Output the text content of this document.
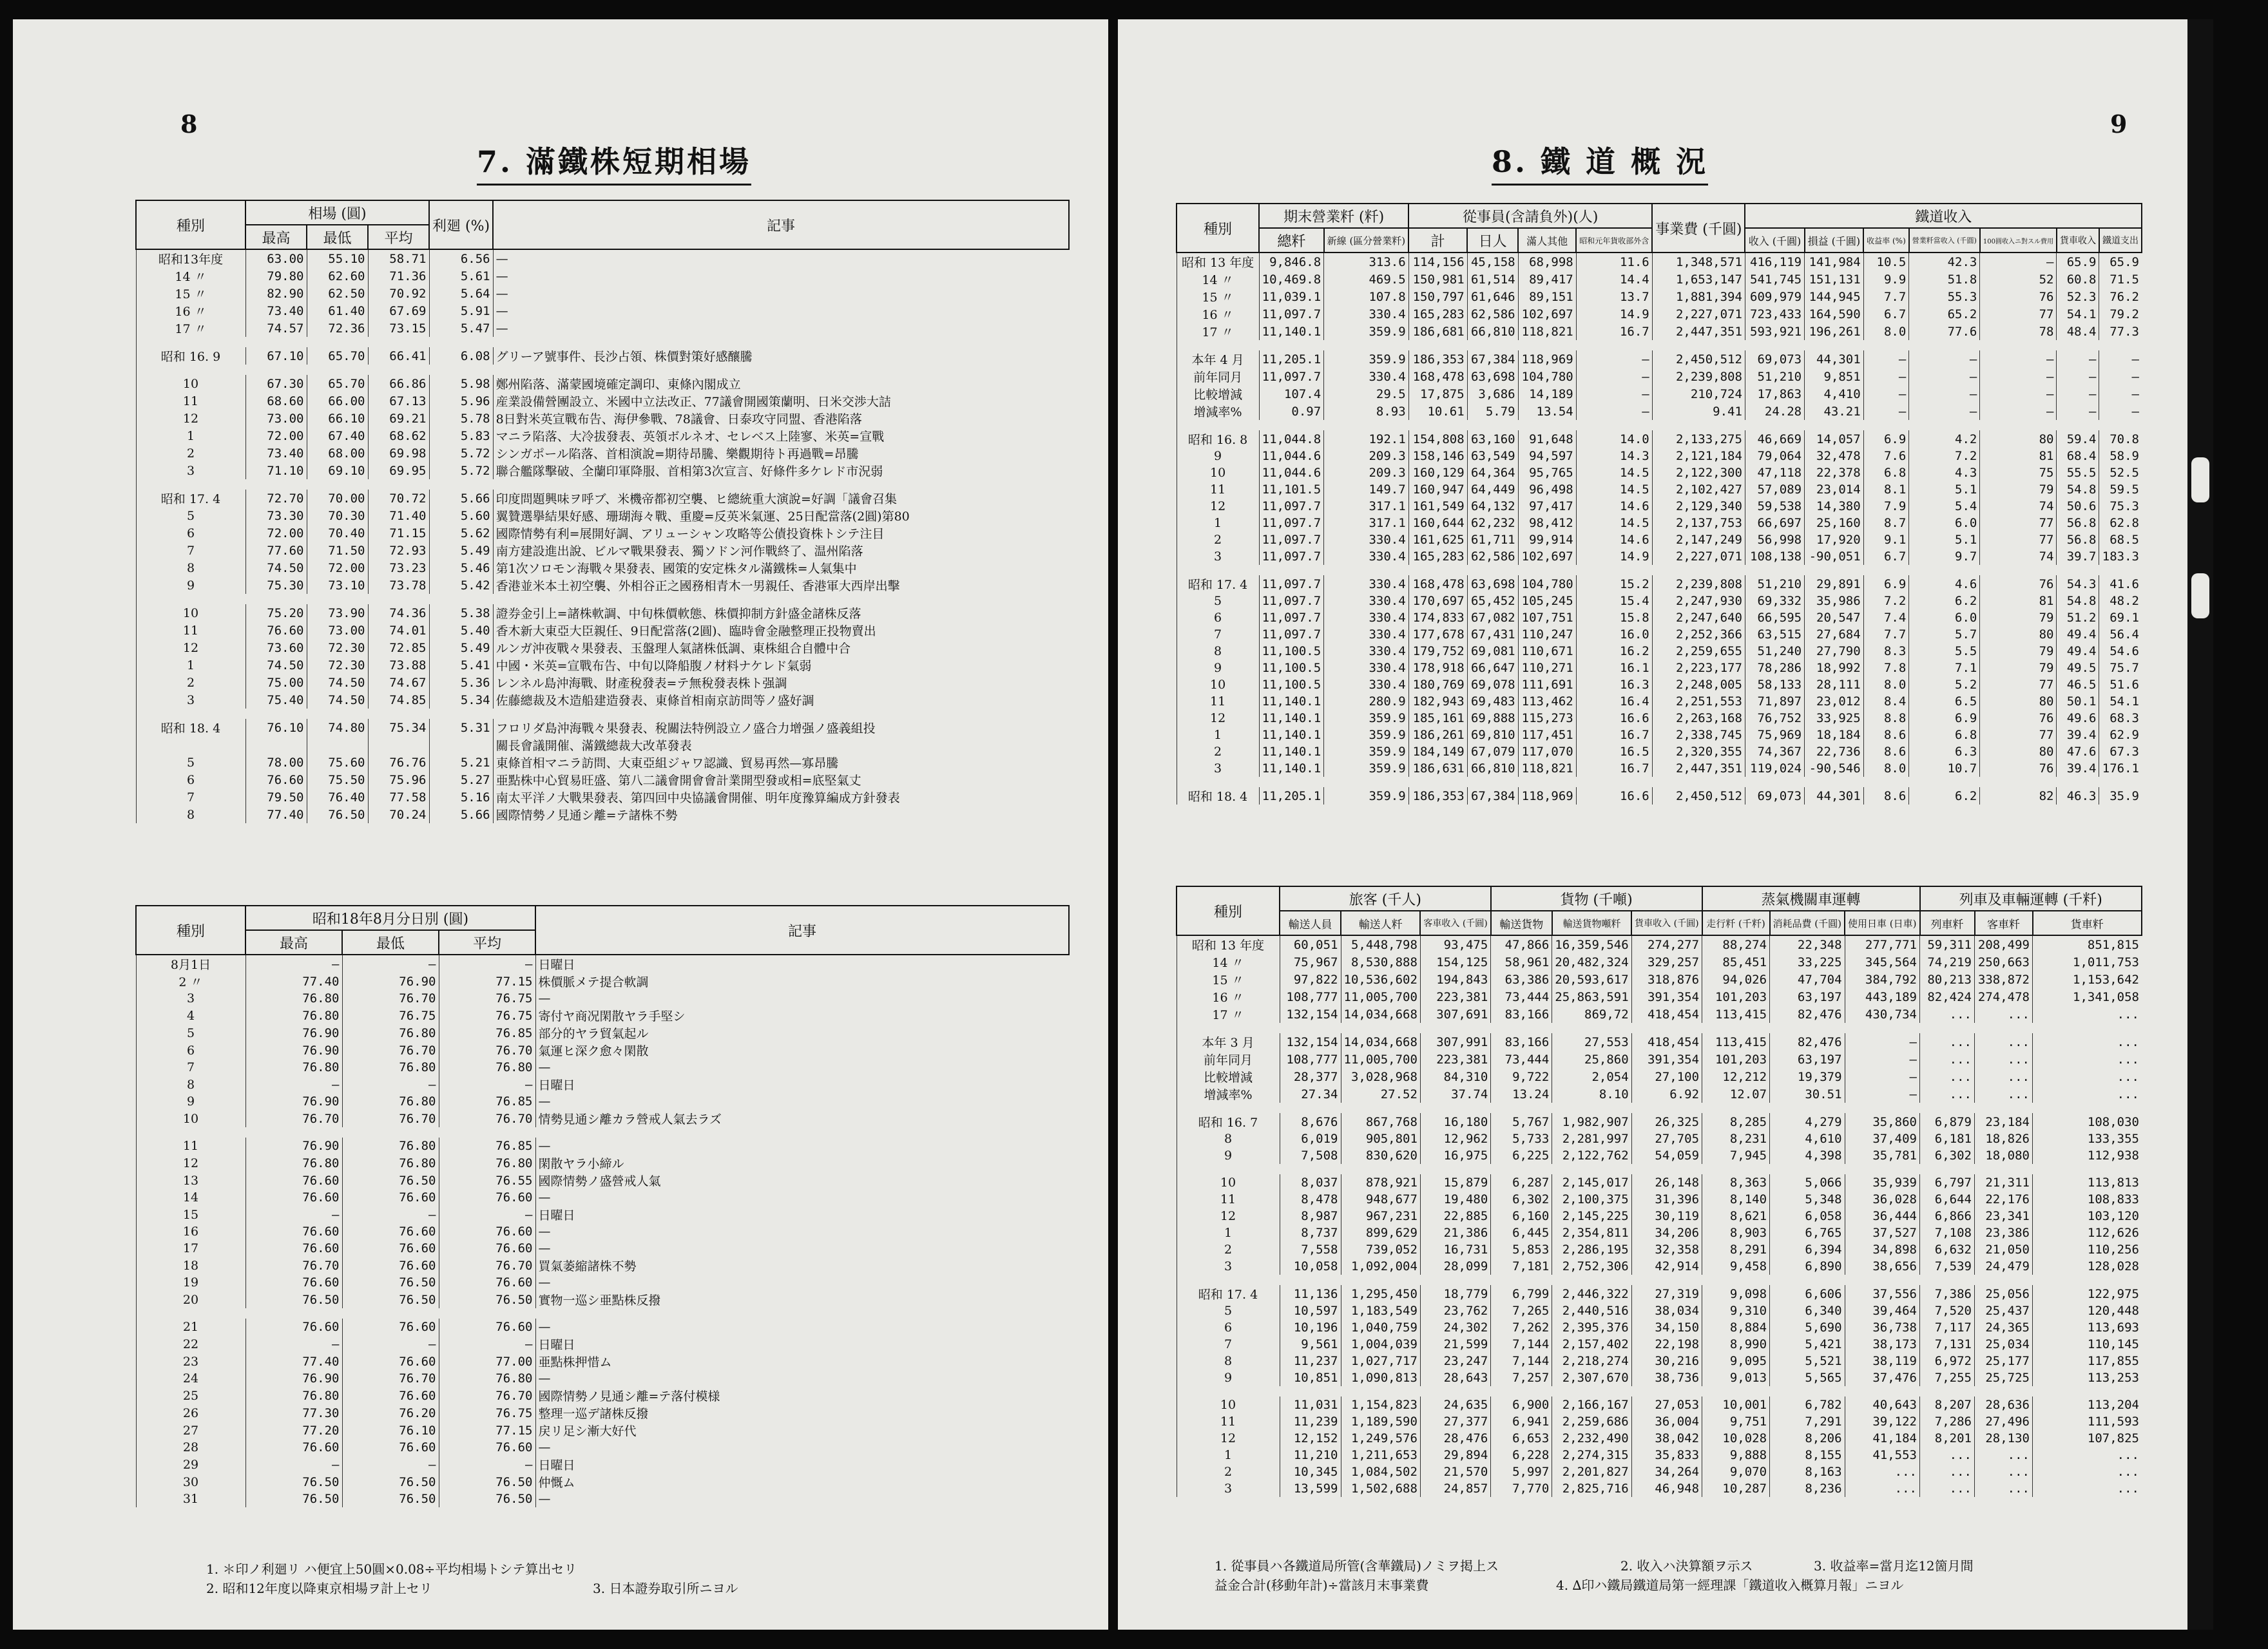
8
7. 滿鐵株短期相場
種別	相場 (圓)			利廻 (%)	記事
	最高	最低	平均		
昭和13年度	63.00	55.10	58.71	6.56	—
14 〃	79.80	62.60	71.36	5.61	—
15 〃	82.90	62.50	70.92	5.64	—
16 〃	73.40	61.40	67.69	5.91	—
17 〃	74.57	72.36	73.15	5.47	—

昭和 16. 9	67.10	65.70	66.41	6.08	グリーア號事件、長沙占領、株價對策好感釀騰

10	67.30	65.70	66.86	5.98	鄭州陷落、滿蒙國境確定調印、東條內閣成立
11	68.60	66.00	67.13	5.96	産業設備營團設立、米國中立法改正、77議會開國策蘭明、日米交渉大詰
12	73.00	66.10	69.21	5.78	8日對米英宣戰布告、海伊參戰、78議會、日泰攻守同盟、香港陷落
1	72.00	67.40	68.62	5.83	マニラ陷落、大冷拔發表、英領ボルネオ、セレベス上陸寥、米英=宣戰
2	73.40	68.00	69.98	5.72	シンガポール陷落、首相演說=期待昂騰、樂觀期待ト再過戰=昂騰
3	71.10	69.10	69.95	5.72	聯合艦隊擊破、全蘭印軍降服、首相第3次宣言、好條件多ケレド市況弱

昭和 17. 4	72.70	70.00	70.72	5.66	印度問題興味ヲ呼ブ、米機帝都初空襲、ヒ總統重大演說=好調「議會召集
5	73.30	70.30	71.40	5.60	翼贊選擧結果好感、珊瑚海々戰、重慶=反英米氣運、25日配當落(2圓)第80
6	72.00	70.40	71.15	5.62	國際情勢有利=展開好調、アリューシャン攻略等公債投資株トシテ注目
7	77.60	71.50	72.93	5.49	南方建設進出說、ビルマ戰果發表、獨ソドン河作戰終了、温州陷落
8	74.50	72.00	73.23	5.46	第1次ソロモン海戰々果發表、國策的安定株タル滿鐵株=人氣集中
9	75.30	73.10	73.78	5.42	香港並米本土初空襲、外相谷正之國務相青木一男親任、香港軍大西岸出擊

10	75.20	73.90	74.36	5.38	證券金引上=諸株軟調、中旬株價軟態、株價抑制方針盛金諸株反落
11	76.60	73.00	74.01	5.40	香木新大東亞大臣親任、9日配當落(2圓)、臨時會金融整理正投物賣出
12	73.60	72.30	72.85	5.49	ルンガ沖夜戰々果發表、玉盤理人氣諸株低調、東株組合自體中合
1	74.50	72.30	73.88	5.41	中國・米英=宣戰布告、中旬以降船腹ノ材料ナケレド氣弱
2	75.00	74.50	74.67	5.36	レンネル島沖海戰、財產稅發表=テ無稅發表株ト强調
3	75.40	74.50	74.85	5.34	佐藤總裁及木造船建造發表、東條首相南京訪問等ノ盛好調

昭和 18. 4	76.10	74.80	75.34	5.31	フロリダ島沖海戰々果發表、稅關法特例設立ノ盛合力增强ノ盛義組投
					關長會議開催、滿鐵總裁大改革發表
5	78.00	75.60	76.76	5.21	東條首相マニラ訪問、大東亞組ジャワ認識、貿易再然—寡昂騰
6	76.60	75.50	75.96	5.27	亜點株中心貿易旺盛、第八二議會開會會計業開型發或相=底堅氣丈
7	79.50	76.40	77.58	5.16	南太平洋ノ大戰果發表、第四回中央協議會開催、明年度豫算編成方針發表
8	77.40	76.50	70.24	5.66	國際情勢ノ見通シ離=テ諸株不勢
種別	昭和18年8月分日別 (圓)			記事
	最高	最低	平均	
8月1日	—	—	—	日曜日
2 〃	77.40	76.90	77.15	株價脈メテ提合軟調
3	76.80	76.70	76.75	—
4	76.80	76.75	76.75	寄付ヤ商况閑散ヤラ手堅シ
5	76.90	76.80	76.85	部分的ヤラ貿氣起ル
6	76.90	76.70	76.70	氣運ヒ深ク愈々閑散
7	76.80	76.80	76.80	—
8	—	—	—	日曜日
9	76.90	76.80	76.85	—
10	76.70	76.70	76.70	情勢見通シ離カラ營戒人氣去ラズ

11	76.90	76.80	76.85	—
12	76.80	76.80	76.80	閑散ヤラ小締ル
13	76.60	76.50	76.55	國際情勢ノ盛營戒人氣
14	76.60	76.60	76.60	—
15	—	—	—	日曜日
16	76.60	76.60	76.60	—
17	76.60	76.60	76.60	—
18	76.70	76.60	76.70	買氣萎縮諸株不勢
19	76.60	76.50	76.60	—
20	76.50	76.50	76.50	實物一巡シ亜點株反撥

21	76.60	76.60	76.60	—
22	—	—	—	日曜日
23	77.40	76.60	77.00	亜點株押惜ム
24	76.90	76.70	76.80	—
25	76.80	76.60	76.70	國際情勢ノ見通シ離=テ落付模様
26	77.30	76.20	76.75	整理一巡デ諸株反撥
27	77.20	76.10	77.15	戻リ足シ漸大好代
28	76.60	76.60	76.60	—
29	—	—	—	日曜日
30	76.50	76.50	76.50	仲慨ム
31	76.50	76.50	76.50	—
1. ＊印ノ利廻リ ハ便宜上50圓×0.08÷平均相場トシテ算出セリ
2. 昭和12年度以降東京相場ヲ計上セリ	3. 日本證券取引所ニヨル
9
8. 鐵 道 概 況
種別	期末營業粁 (粁)		從事員(含請負外)(人)				事業費 (千圓)	鐵道收入						
	總粁	新線 (區分營業粁)	計	日人	滿人其他	昭和元年貨收部外含		收入 (千圓)	損益 (千圓)	收益率 (%)	營業粁當收入 (千圓)	100圓收入ニ對スル費用	貨車收入	鐵道支出
昭和 13 年度	9,846.8	313.6	114,156	45,158	68,998	11.6	1,348,571	416,119	141,984	10.5	42.3	—	65.9	65.9
14 〃	10,469.8	469.5	150,981	61,514	89,417	14.4	1,653,147	541,745	151,131	9.9	51.8	52	60.8	71.5
15 〃	11,039.1	107.8	150,797	61,646	89,151	13.7	1,881,394	609,979	144,945	7.7	55.3	76	52.3	76.2
16 〃	11,097.7	330.4	165,283	62,586	102,697	14.9	2,227,071	723,433	164,590	6.7	65.2	77	54.1	79.2
17 〃	11,140.1	359.9	186,681	66,810	118,821	16.7	2,447,351	593,921	196,261	8.0	77.6	78	48.4	77.3

本年 4 月	11,205.1	359.9	186,353	67,384	118,969	—	2,450,512	69,073	44,301	—	—	—	—	—
前年同月	11,097.7	330.4	168,478	63,698	104,780	—	2,239,808	51,210	9,851	—	—	—	—	—
比較增減	107.4	29.5	17,875	3,686	14,189	—	210,724	17,863	4,410	—	—	—	—	—
增減率%	0.97	8.93	10.61	5.79	13.54	—	9.41	24.28	43.21	—	—	—	—	—

昭和 16. 8	11,044.8	192.1	154,808	63,160	91,648	14.0	2,133,275	46,669	14,057	6.9	4.2	80	59.4	70.8
9	11,044.6	209.3	158,146	63,549	94,597	14.3	2,121,184	79,064	32,478	7.6	7.2	81	68.4	58.9
10	11,044.6	209.3	160,129	64,364	95,765	14.5	2,122,300	47,118	22,378	6.8	4.3	75	55.5	52.5
11	11,101.5	149.7	160,947	64,449	96,498	14.5	2,102,427	57,089	23,014	8.1	5.1	79	54.8	59.5
12	11,097.7	317.1	161,549	64,132	97,417	14.6	2,129,340	59,538	14,380	7.9	5.4	74	50.6	75.3
1	11,097.7	317.1	160,644	62,232	98,412	14.5	2,137,753	66,697	25,160	8.7	6.0	77	56.8	62.8
2	11,097.7	330.4	161,625	61,711	99,914	14.6	2,147,249	56,998	17,920	9.1	5.1	77	56.8	68.5
3	11,097.7	330.4	165,283	62,586	102,697	14.9	2,227,071	108,138	-90,051	6.7	9.7	74	39.7	183.3

昭和 17. 4	11,097.7	330.4	168,478	63,698	104,780	15.2	2,239,808	51,210	29,891	6.9	4.6	76	54.3	41.6
5	11,097.7	330.4	170,697	65,452	105,245	15.4	2,247,930	69,332	35,986	7.2	6.2	81	54.8	48.2
6	11,097.7	330.4	174,833	67,082	107,751	15.8	2,247,640	66,595	20,547	7.4	6.0	79	51.2	69.1
7	11,097.7	330.4	177,678	67,431	110,247	16.0	2,252,366	63,515	27,684	7.7	5.7	80	49.4	56.4
8	11,100.5	330.4	179,752	69,081	110,671	16.2	2,259,655	51,240	27,790	8.3	5.5	79	49.4	54.6
9	11,100.5	330.4	178,918	66,647	110,271	16.1	2,223,177	78,286	18,992	7.8	7.1	79	49.5	75.7
10	11,100.5	330.4	180,769	69,078	111,691	16.3	2,248,005	58,133	28,111	8.0	5.2	77	46.5	51.6
11	11,140.1	280.9	182,943	69,483	113,462	16.4	2,251,553	71,897	23,012	8.4	6.5	80	50.1	54.1
12	11,140.1	359.9	185,161	69,888	115,273	16.6	2,263,168	76,752	33,925	8.8	6.9	76	49.6	68.3
1	11,140.1	359.9	186,261	69,810	117,451	16.7	2,338,745	75,969	18,184	8.6	6.8	77	39.4	62.9
2	11,140.1	359.9	184,149	67,079	117,070	16.5	2,320,355	74,367	22,736	8.6	6.3	80	47.6	67.3
3	11,140.1	359.9	186,631	66,810	118,821	16.7	2,447,351	119,024	-90,546	8.0	10.7	76	39.4	176.1

昭和 18. 4	11,205.1	359.9	186,353	67,384	118,969	16.6	2,450,512	69,073	44,301	8.6	6.2	82	46.3	35.9
種別	旅客 (千人)			貨物 (千噸)			蒸氣機關車運轉			列車及車輛運轉 (千粁)		
	輸送人員	輸送人粁	客車收入 (千圓)	輸送貨物	輸送貨物噸粁	貨車收入 (千圓)	走行粁 (千粁)	消耗品費 (千圓)	使用日車 (日車)	列車粁	客車粁	貨車粁
昭和 13 年度	60,051	5,448,798	93,475	47,866	16,359,546	274,277	88,274	22,348	277,771	59,311	208,499	851,815
14 〃	75,967	8,530,888	154,125	58,961	20,482,324	329,257	85,451	33,225	345,564	74,219	250,663	1,011,753
15 〃	97,822	10,536,602	194,843	63,386	20,593,617	318,876	94,026	47,704	384,792	80,213	338,872	1,153,642
16 〃	108,777	11,005,700	223,381	73,444	25,863,591	391,354	101,203	63,197	443,189	82,424	274,478	1,341,058
17 〃	132,154	14,034,668	307,691	83,166	869,72	418,454	113,415	82,476	430,734	...	...	...

本年 3 月	132,154	14,034,668	307,991	83,166	27,553	418,454	113,415	82,476	—	...	...	...
前年同月	108,777	11,005,700	223,381	73,444	25,860	391,354	101,203	63,197	—	...	...	...
比較增減	28,377	3,028,968	84,310	9,722	2,054	27,100	12,212	19,379	—	...	...	...
增減率%	27.34	27.52	37.74	13.24	8.10	6.92	12.07	30.51	—	...	...	...

昭和 16. 7	8,676	867,768	16,180	5,767	1,982,907	26,325	8,285	4,279	35,860	6,879	23,184	108,030
8	6,019	905,801	12,962	5,733	2,281,997	27,705	8,231	4,610	37,409	6,181	18,826	133,355
9	7,508	830,620	16,975	6,225	2,122,762	54,059	7,945	4,398	35,781	6,302	18,080	112,938

10	8,037	878,921	15,879	6,287	2,145,017	26,148	8,363	5,066	35,939	6,797	21,311	113,813
11	8,478	948,677	19,480	6,302	2,100,375	31,396	8,140	5,348	36,028	6,644	22,176	108,833
12	8,987	967,231	22,885	6,160	2,145,225	30,119	8,621	6,058	36,444	6,866	23,341	103,120
1	8,737	899,629	21,386	6,445	2,354,811	34,206	8,903	6,765	37,527	7,108	23,386	112,626
2	7,558	739,052	16,731	5,853	2,286,195	32,358	8,291	6,394	34,898	6,632	21,050	110,256
3	10,058	1,092,004	28,099	7,181	2,752,306	42,914	9,458	6,890	38,656	7,539	24,479	128,028

昭和 17. 4	11,136	1,295,450	18,779	6,799	2,446,322	27,319	9,098	6,606	37,556	7,386	25,056	122,975
5	10,597	1,183,549	23,762	7,265	2,440,516	38,034	9,310	6,340	39,464	7,520	25,437	120,448
6	10,196	1,040,759	24,302	7,262	2,395,376	34,150	8,884	5,690	36,738	7,117	24,365	113,693
7	9,561	1,004,039	21,599	7,144	2,157,402	22,198	8,990	5,421	38,173	7,131	25,034	110,145
8	11,237	1,027,717	23,247	7,144	2,218,274	30,216	9,095	5,521	38,119	6,972	25,177	117,855
9	10,851	1,090,813	28,643	7,257	2,307,670	38,736	9,013	5,565	37,476	7,255	25,725	113,253

10	11,031	1,154,823	24,635	6,900	2,166,167	27,053	10,001	6,782	40,643	8,207	28,636	113,204
11	11,239	1,189,590	27,377	6,941	2,259,686	36,004	9,751	7,291	39,122	7,286	27,496	111,593
12	12,152	1,249,576	28,476	6,653	2,232,490	38,042	10,028	8,206	41,184	8,201	28,130	107,825
1	11,210	1,211,653	29,894	6,228	2,274,315	35,833	9,888	8,155	41,553	...	...	...
2	10,345	1,084,502	21,570	5,997	2,201,827	34,264	9,070	8,163	...	...	...	...
3	13,599	1,502,688	24,857	7,770	2,825,716	46,948	10,287	8,236	...	...	...	...
1. 從事員ハ各鐵道局所管(含華鐵局)ノミヲ掲上ス	2. 收入ハ決算額ヲ示ス	3. 收益率=當月迄12箇月間
益金合計(移動年計)÷當該月末事業費	4. ∆印ハ鐵局鐵道局第一經理課「鐵道收入概算月報」ニヨル
